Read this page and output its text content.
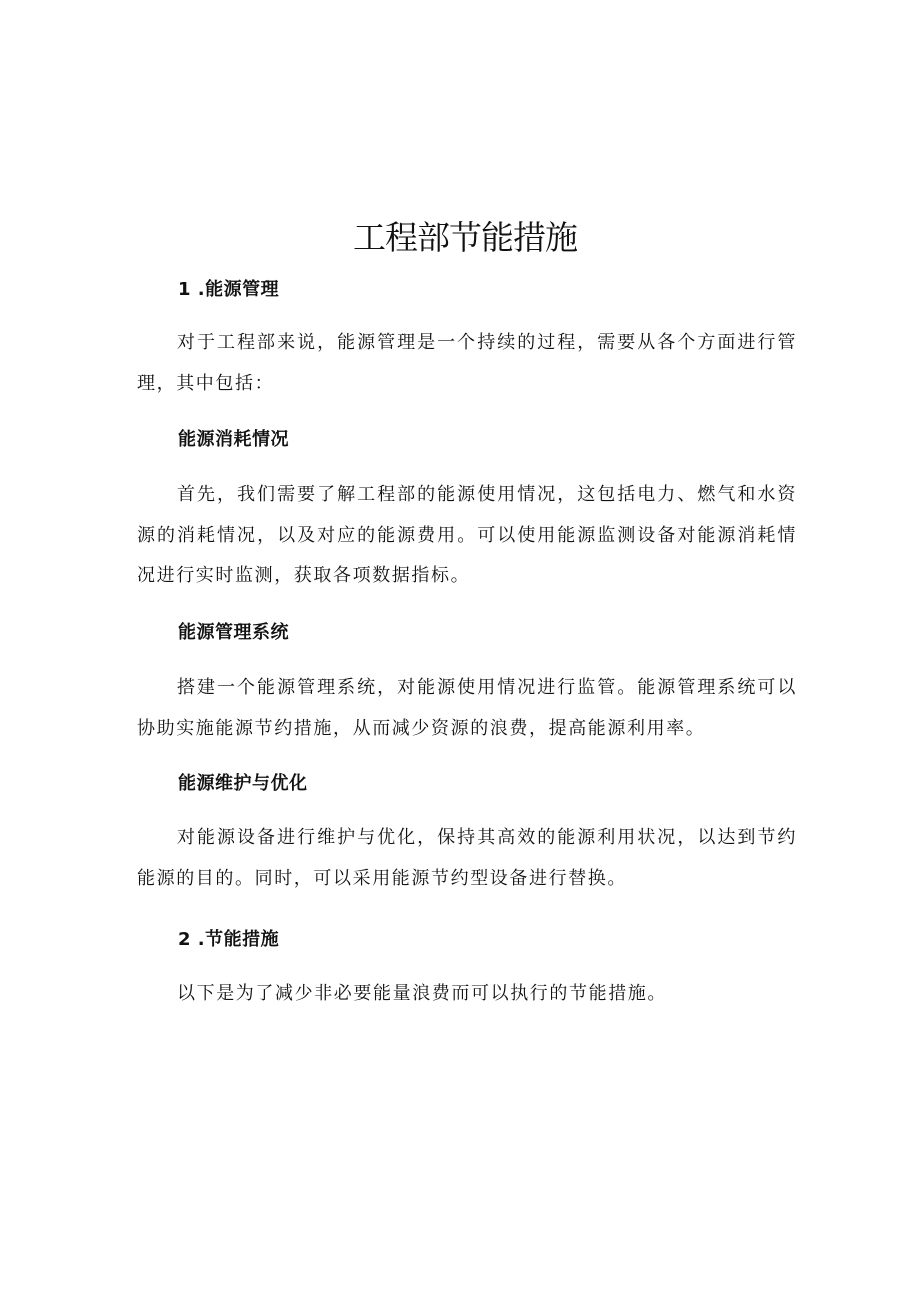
工程部节能措施
1 .能源管理

对于工程部来说，能源管理是一个持续的过程，需要从各个方面进行管理，其中包括：

能源消耗情况

首先，我们需要了解工程部的能源使用情况，这包括电力、燃气和水资源的消耗情况，以及对应的能源费用。可以使用能源监测设备对能源消耗情况进行实时监测，获取各项数据指标。

能源管理系统

搭建一个能源管理系统，对能源使用情况进行监管。能源管理系统可以协助实施能源节约措施，从而减少资源的浪费，提高能源利用率。

能源维护与优化

对能源设备进行维护与优化，保持其高效的能源利用状况，以达到节约能源的目的。同时，可以采用能源节约型设备进行替换。

2 .节能措施

以下是为了减少非必要能量浪费而可以执行的节能措施。
